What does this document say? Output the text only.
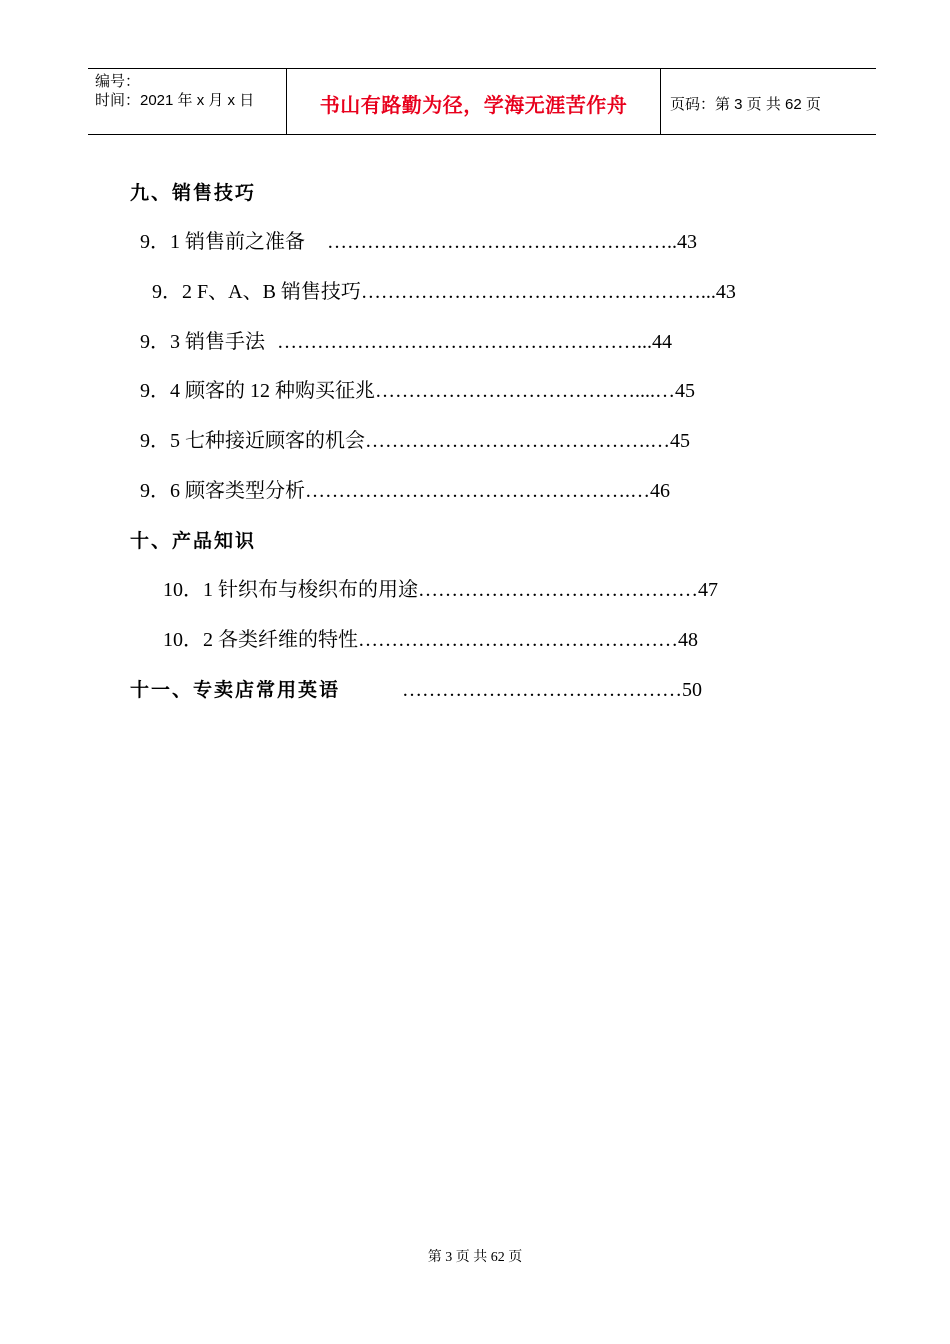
编号：
时间：2021 年 x 月 x 日	书山有路勤为径，学海无涯苦作舟	页码：第 3 页 共 62 页
九、销售技巧
9．1 销售前之准备 ……………………………………………..43
9．2 F、A、B 销售技巧……………………………………………...43
9．3 销售手法 ………………………………………………...44
9．4 顾客的 12 种购买征兆…………………………………....…45
9．5 七种接近顾客的机会…………………………………….…45
9．6 顾客类型分析………………………………………….…46
十、产品知识
10．1 针织布与梭织布的用途……………………………………47
10．2 各类纤维的特性…………………………………………48
十一、专卖店常用英语	……………………………………50
第 3 页 共 62 页
